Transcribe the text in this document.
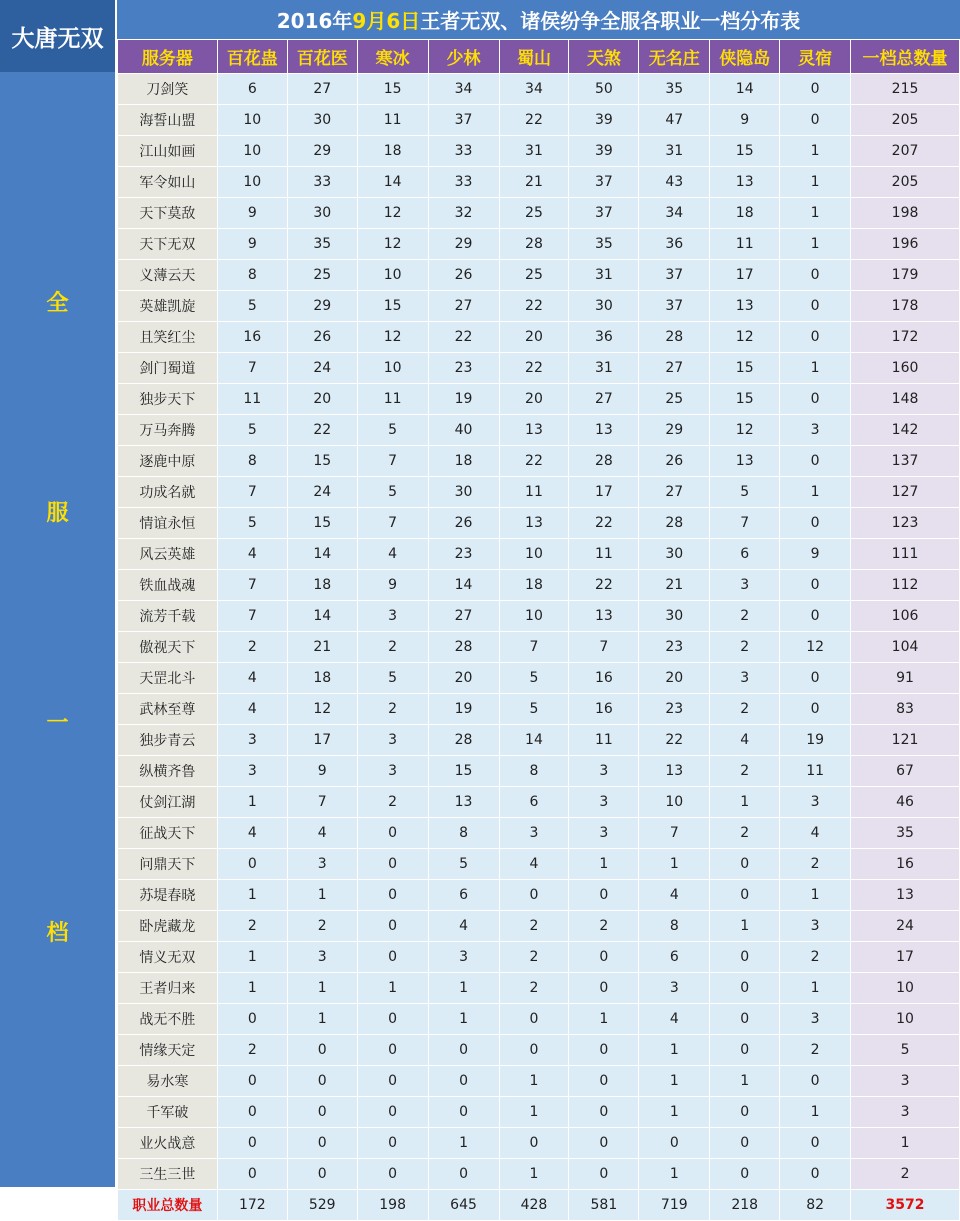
大唐无双
2016年 9月6日 王者无双、诸侯纷争全服各职业一档分布表
全
服
一
档
服务器	百花蛊	百花医	寒冰	少林	蜀山	天煞	无名庄	侠隐岛	灵宿	一档总数量
刀剑笑	6	27	15	34	34	50	35	14	0	215
海誓山盟	10	30	11	37	22	39	47	9	0	205
江山如画	10	29	18	33	31	39	31	15	1	207
军令如山	10	33	14	33	21	37	43	13	1	205
天下莫敌	9	30	12	32	25	37	34	18	1	198
天下无双	9	35	12	29	28	35	36	11	1	196
义薄云天	8	25	10	26	25	31	37	17	0	179
英雄凯旋	5	29	15	27	22	30	37	13	0	178
且笑红尘	16	26	12	22	20	36	28	12	0	172
剑门蜀道	7	24	10	23	22	31	27	15	1	160
独步天下	11	20	11	19	20	27	25	15	0	148
万马奔腾	5	22	5	40	13	13	29	12	3	142
逐鹿中原	8	15	7	18	22	28	26	13	0	137
功成名就	7	24	5	30	11	17	27	5	1	127
情谊永恒	5	15	7	26	13	22	28	7	0	123
风云英雄	4	14	4	23	10	11	30	6	9	111
铁血战魂	7	18	9	14	18	22	21	3	0	112
流芳千载	7	14	3	27	10	13	30	2	0	106
傲视天下	2	21	2	28	7	7	23	2	12	104
天罡北斗	4	18	5	20	5	16	20	3	0	91
武林至尊	4	12	2	19	5	16	23	2	0	83
独步青云	3	17	3	28	14	11	22	4	19	121
纵横齐鲁	3	9	3	15	8	3	13	2	11	67
仗剑江湖	1	7	2	13	6	3	10	1	3	46
征战天下	4	4	0	8	3	3	7	2	4	35
问鼎天下	0	3	0	5	4	1	1	0	2	16
苏堤春晓	1	1	0	6	0	0	4	0	1	13
卧虎藏龙	2	2	0	4	2	2	8	1	3	24
情义无双	1	3	0	3	2	0	6	0	2	17
王者归来	1	1	1	1	2	0	3	0	1	10
战无不胜	0	1	0	1	0	1	4	0	3	10
情缘天定	2	0	0	0	0	0	1	0	2	5
易水寒	0	0	0	0	1	0	1	1	0	3
千军破	0	0	0	0	1	0	1	0	1	3
业火战意	0	0	0	1	0	0	0	0	0	1
三生三世	0	0	0	0	1	0	1	0	0	2
职业总数量	172	529	198	645	428	581	719	218	82	3572
